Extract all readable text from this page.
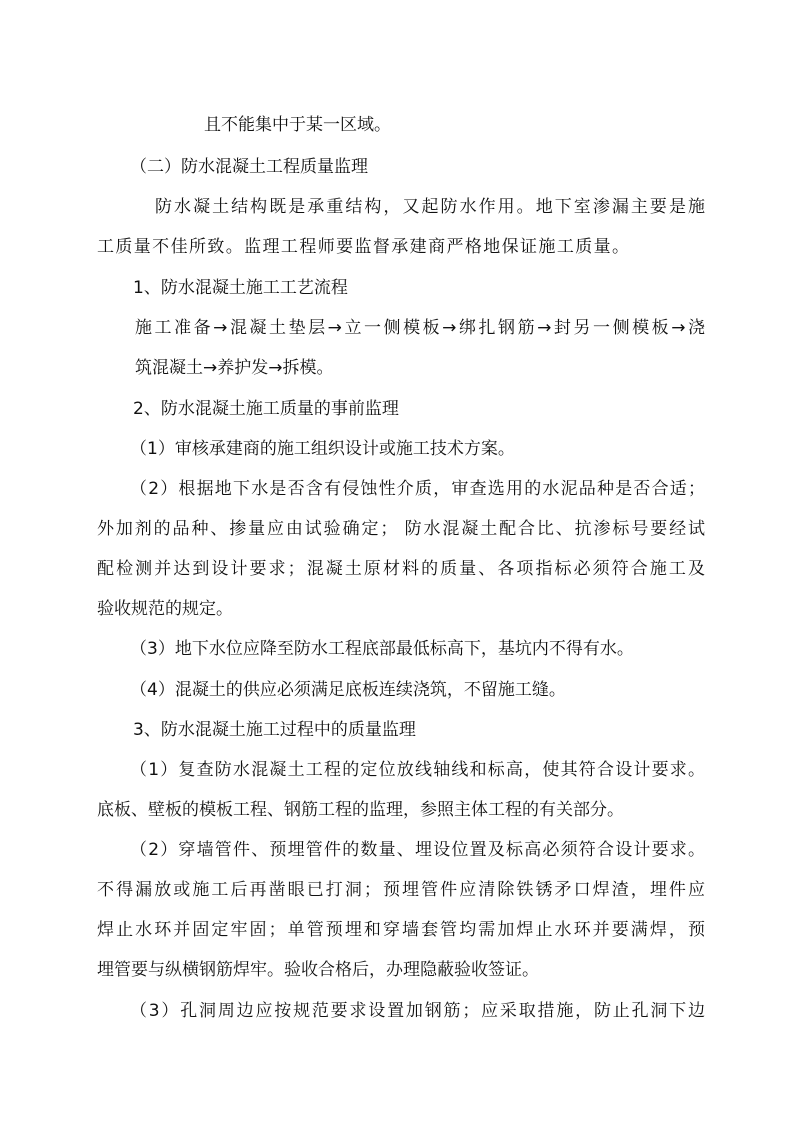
且不能集中于某一区域。
（二）防水混凝土工程质量监理
防水凝土结构既是承重结构，又起防水作用。地下室渗漏主要是施
工质量不佳所致。监理工程师要监督承建商严格地保证施工质量。
1、防水混凝土施工工艺流程
施工准备→混凝土垫层→立一侧模板→绑扎钢筋→封另一侧模板→浇
筑混凝土→养护发→拆模。
2、防水混凝土施工质量的事前监理
（1）审核承建商的施工组织设计或施工技术方案。
（2）根据地下水是否含有侵蚀性介质，审查选用的水泥品种是否合适；
外加剂的品种、掺量应由试验确定； 防水混凝土配合比、抗渗标号要经试
配检测并达到设计要求；混凝土原材料的质量、各项指标必须符合施工及
验收规范的规定。
（3）地下水位应降至防水工程底部最低标高下，基坑内不得有水。
（4）混凝土的供应必须满足底板连续浇筑，不留施工缝。
3、防水混凝土施工过程中的质量监理
（1）复查防水混凝土工程的定位放线轴线和标高，使其符合设计要求。
底板、壁板的模板工程、钢筋工程的监理，参照主体工程的有关部分。
（2）穿墙管件、预埋管件的数量、埋设位置及标高必须符合设计要求。
不得漏放或施工后再凿眼已打洞；预埋管件应清除铁锈矛口焊渣，埋件应
焊止水环并固定牢固；单管预埋和穿墙套管均需加焊止水环并要满焊，预
埋管要与纵横钢筋焊牢。验收合格后，办理隐蔽验收签证。
（3）孔洞周边应按规范要求设置加钢筋；应采取措施，防止孔洞下边
